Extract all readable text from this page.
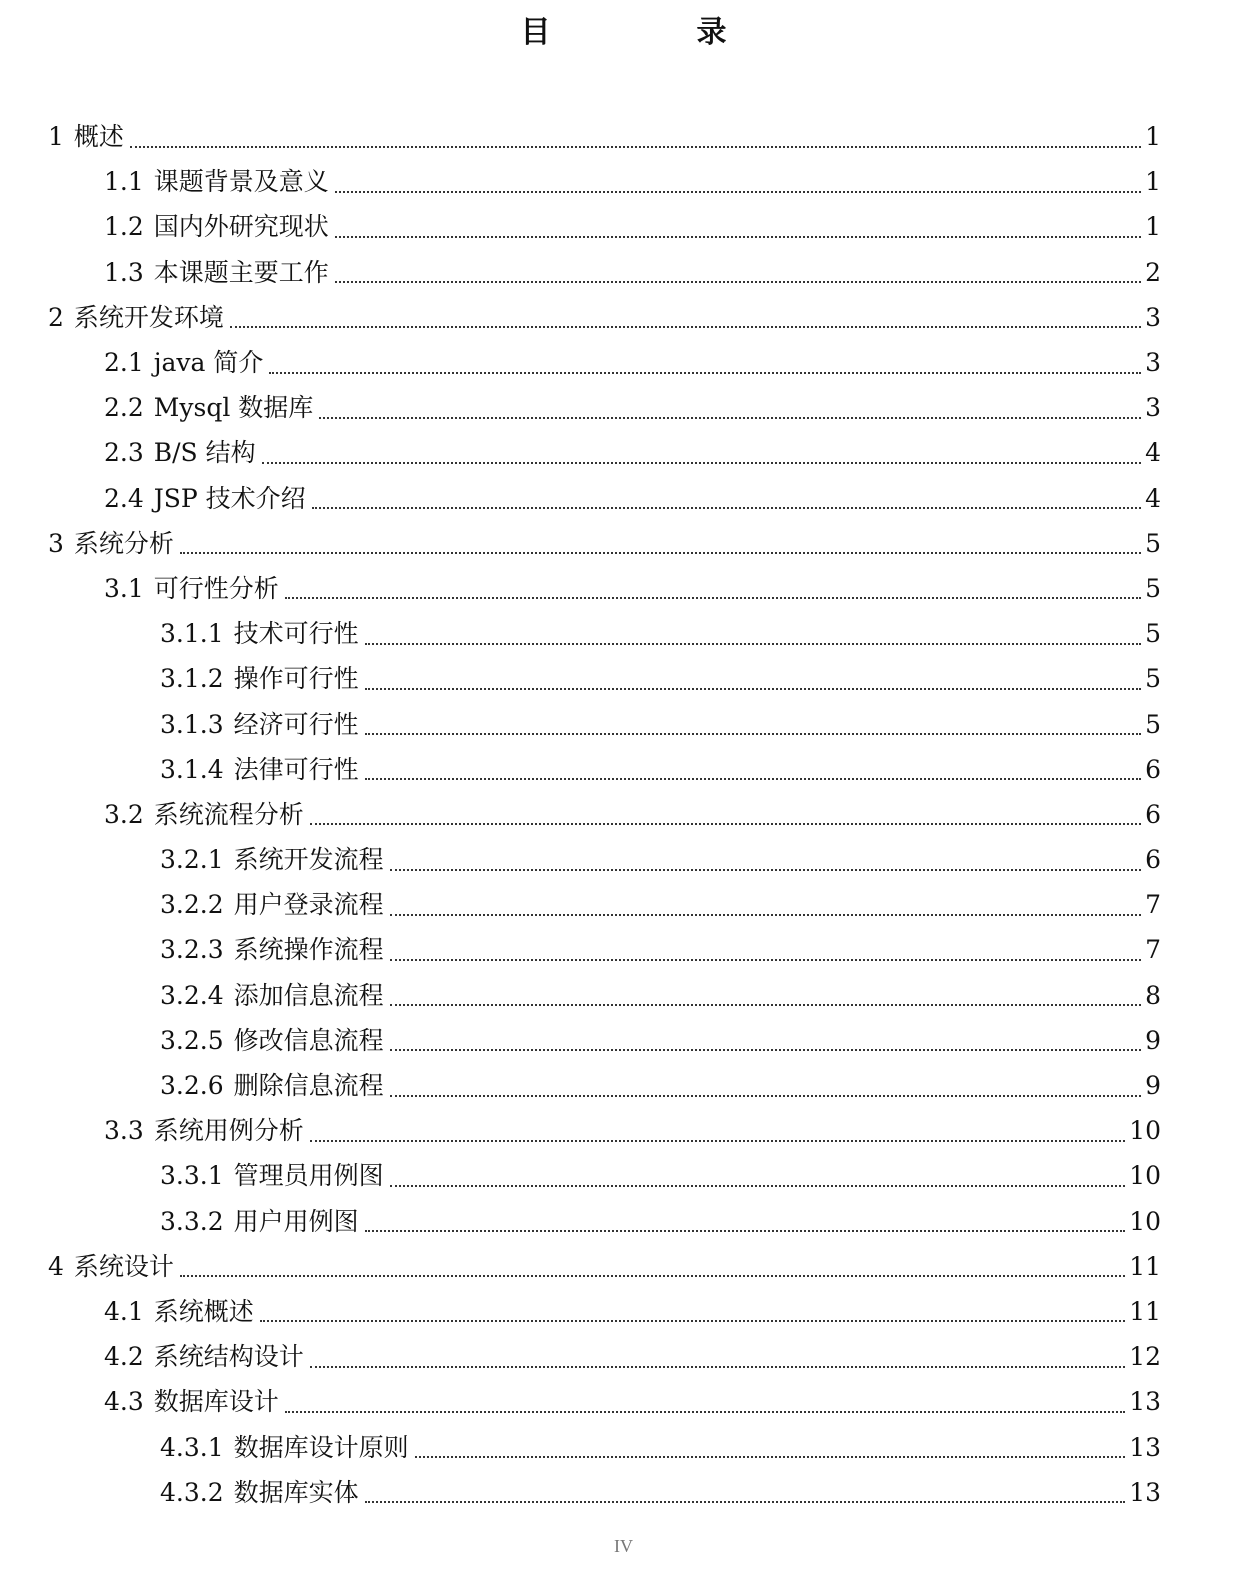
目　录
1 概述	1
1.1 课题背景及意义	1
1.2 国内外研究现状	1
1.3 本课题主要工作	2
2 系统开发环境	3
2.1 java 简介	3
2.2 Mysql 数据库	3
2.3 B/S 结构	4
2.4 JSP 技术介绍	4
3 系统分析	5
3.1 可行性分析	5
3.1.1 技术可行性	5
3.1.2 操作可行性	5
3.1.3 经济可行性	5
3.1.4 法律可行性	6
3.2 系统流程分析	6
3.2.1 系统开发流程	6
3.2.2 用户登录流程	7
3.2.3 系统操作流程	7
3.2.4 添加信息流程	8
3.2.5 修改信息流程	9
3.2.6 删除信息流程	9
3.3 系统用例分析	10
3.3.1 管理员用例图	10
3.3.2 用户用例图	10
4 系统设计	11
4.1 系统概述	11
4.2 系统结构设计	12
4.3 数据库设计	13
4.3.1 数据库设计原则	13
4.3.2 数据库实体	13
IV
